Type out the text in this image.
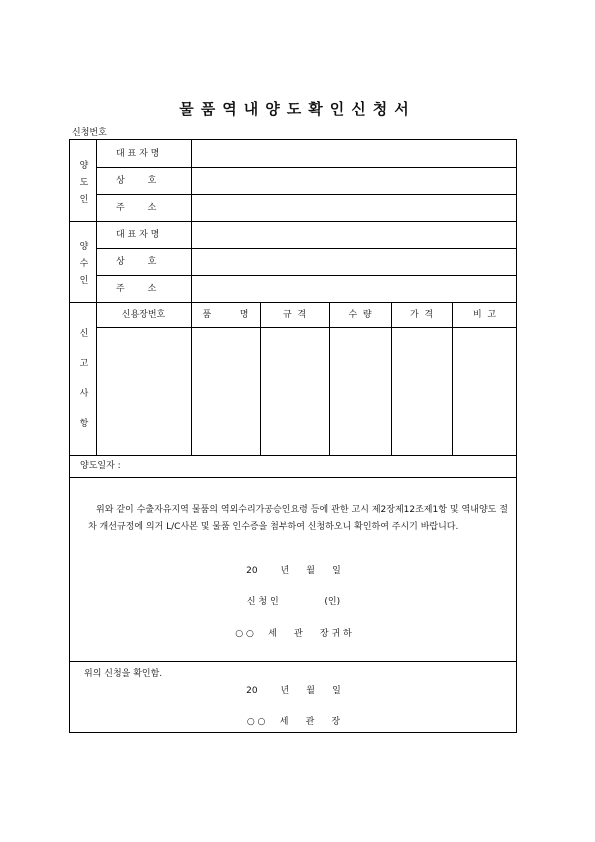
물품역내양도확인신청서
신청번호
양
도
인
대 표 자 명
상        호
주        소
양
수
인
대 표 자 명
상        호
주        소
신
고
사
항
신용장번호	품          명	규  격	수  량	가  격	비  고
양도일자 :
위와 같이 수출자유지역 물품의 역외수리가공승인요령 등에 관한 고시 제2장제12조제1항 및 역내양도 절차 개선규정에 의거 L/C사본 및 물품 인수증을 첨부하여 신청하오니 확인하여 주시기 바랍니다.
20        년      월      일
신 청 인                (인)
○ ○     세      관      장 귀 하
위의 신청을 확인함.
20        년      월      일
○ ○     세      관      장
